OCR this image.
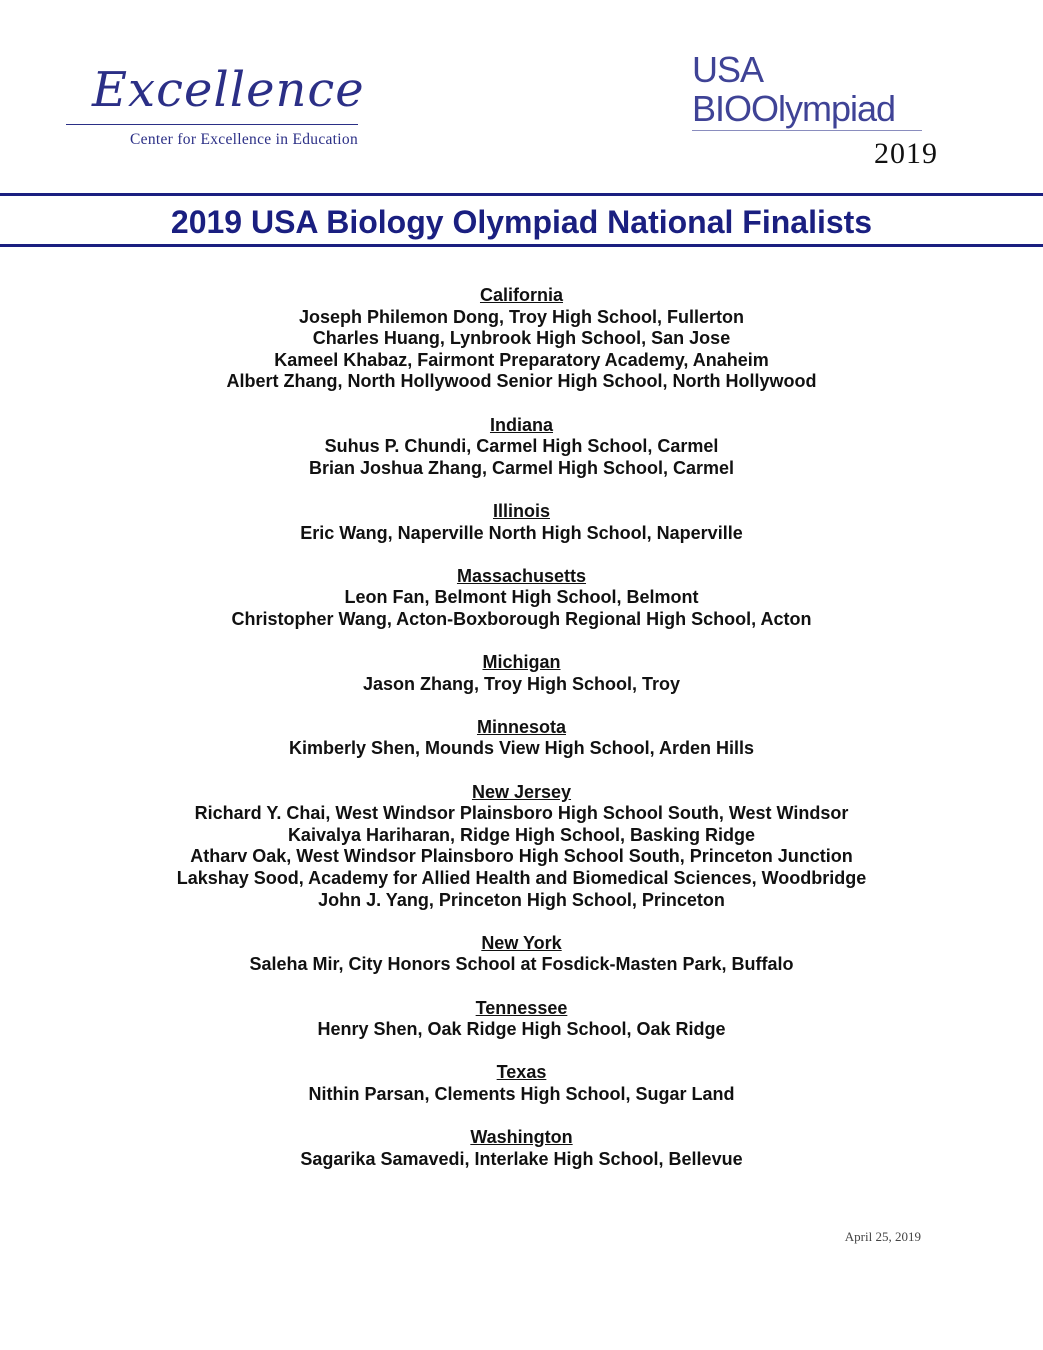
Excellence
Center for Excellence in Education
USA
BIOOlympiad
2019
2019 USA Biology Olympiad National Finalists
California
Joseph Philemon Dong, Troy High School, Fullerton
Charles Huang, Lynbrook High School, San Jose
Kameel Khabaz, Fairmont Preparatory Academy, Anaheim
Albert Zhang, North Hollywood Senior High School, North Hollywood
Indiana
Suhus P. Chundi, Carmel High School, Carmel
Brian Joshua Zhang, Carmel High School, Carmel
Illinois
Eric Wang, Naperville North High School, Naperville
Massachusetts
Leon Fan, Belmont High School, Belmont
Christopher Wang, Acton-Boxborough Regional High School, Acton
Michigan
Jason Zhang, Troy High School, Troy
Minnesota
Kimberly Shen, Mounds View High School, Arden Hills
New Jersey
Richard Y. Chai, West Windsor Plainsboro High School South, West Windsor
Kaivalya Hariharan, Ridge High School, Basking Ridge
Atharv Oak, West Windsor Plainsboro High School South, Princeton Junction
Lakshay Sood, Academy for Allied Health and Biomedical Sciences, Woodbridge
John J. Yang, Princeton High School, Princeton
New York
Saleha Mir, City Honors School at Fosdick-Masten Park, Buffalo
Tennessee
Henry Shen, Oak Ridge High School, Oak Ridge
Texas
Nithin Parsan, Clements High School, Sugar Land
Washington
Sagarika Samavedi, Interlake High School, Bellevue
April 25, 2019
